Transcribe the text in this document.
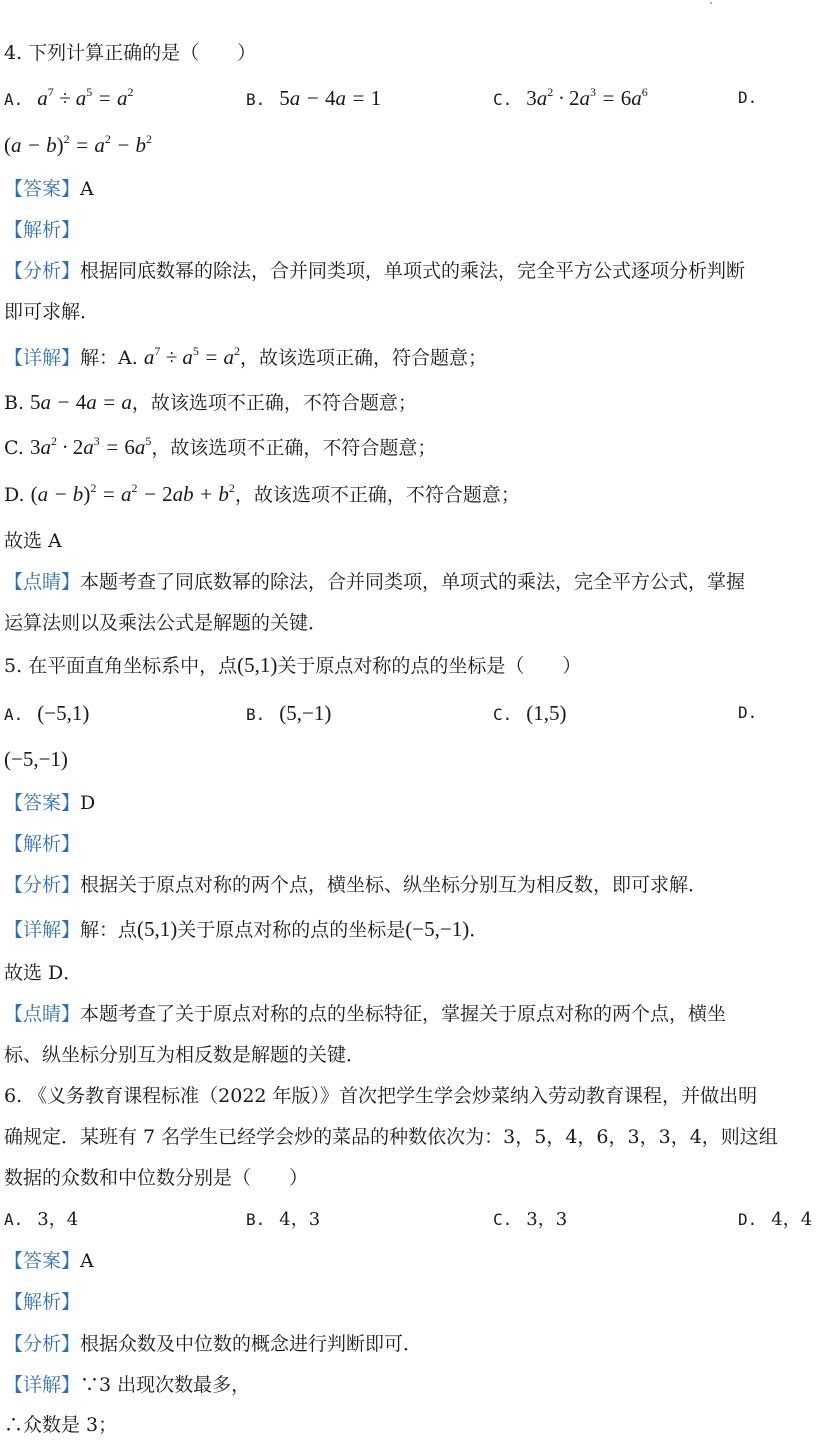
4. 下列计算正确的是（　　）
A. $a^7 \div a^5 = a^2$	B. 5a − 4a = 1	C. $3a^2 \cdot 2a^3 = 6a^6$	D.
$(a - b)^2 = a^2 - b^2$
【答案】A
【解析】
【分析】根据同底数幂的除法，合并同类项，单项式的乘法，完全平方公式逐项分析判断
即可求解．
【详解】解：A. $a^7 \div a^5 = a^2$，故该选项正确，符合题意；
B. 5a − 4a = a，故该选项不正确，不符合题意；
C. $3a^2 \cdot 2a^3 = 6a^5$，故该选项不正确，不符合题意；
D. $(a - b)^2 = a^2 - 2ab + b^2$，故该选项不正确，不符合题意；
故选 A
【点睛】本题考查了同底数幂的除法，合并同类项，单项式的乘法，完全平方公式，掌握
运算法则以及乘法公式是解题的关键．
5. 在平面直角坐标系中，点(5,1)关于原点对称的点的坐标是（　　）
A. (−5,1)	B. (5,−1)	C. (1,5)	D.
(−5,−1)
【答案】D
【解析】
【分析】根据关于原点对称的两个点，横坐标、纵坐标分别互为相反数，即可求解．
【详解】解：点(5,1)关于原点对称的点的坐标是(−5,−1)．
故选 D．
【点睛】本题考查了关于原点对称的点的坐标特征，掌握关于原点对称的两个点，横坐
标、纵坐标分别互为相反数是解题的关键．
6. 《义务教育课程标准（2022 年版）》首次把学生学会炒菜纳入劳动教育课程，并做出明
确规定．某班有 7 名学生已经学会炒的菜品的种数依次为：3，5，4，6，3，3，4，则这组
数据的众数和中位数分别是（　　）
A. 3，4	B. 4，3	C. 3，3	D. 4，4
【答案】A
【解析】
【分析】根据众数及中位数的概念进行判断即可．
【详解】∵3 出现次数最多，
∴众数是 3；
